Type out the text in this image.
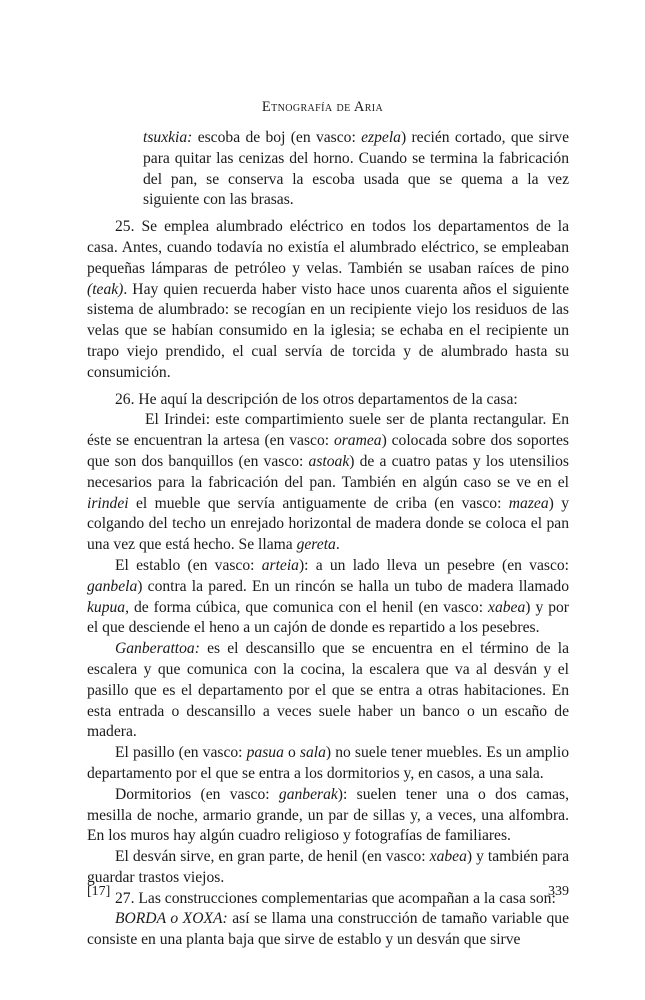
Etnografía de Aria

tsuxkia: escoba de boj (en vasco: ezpela) recién cortado, que sirve para quitar las cenizas del horno. Cuando se termina la fabricación del pan, se conserva la escoba usada que se quema a la vez siguiente con las brasas.

25. Se emplea alumbrado eléctrico en todos los departamentos de la casa. Antes, cuando todavía no existía el alumbrado eléctrico, se empleaban pequeñas lámparas de petróleo y velas. También se usaban raíces de pino (teak). Hay quien recuerda haber visto hace unos cuarenta años el siguiente sistema de alumbrado: se recogían en un recipiente viejo los residuos de las velas que se habían consumido en la iglesia; se echaba en el recipiente un trapo viejo prendido, el cual servía de torcida y de alumbrado hasta su consumición.

26. He aquí la descripción de los otros departamentos de la casa:

El Irindei: este compartimiento suele ser de planta rectangular. En éste se encuentran la artesa (en vasco: oramea) colocada sobre dos soportes que son dos banquillos (en vasco: astoak) de a cuatro patas y los utensilios necesarios para la fabricación del pan. También en algún caso se ve en el irindei el mueble que servía antiguamente de criba (en vasco: mazea) y colgando del techo un enrejado horizontal de madera donde se coloca el pan una vez que está hecho. Se llama gereta.

El establo (en vasco: arteia): a un lado lleva un pesebre (en vasco: ganbela) contra la pared. En un rincón se halla un tubo de madera llamado kupua, de forma cúbica, que comunica con el henil (en vasco: xabea) y por el que desciende el heno a un cajón de donde es repartido a los pesebres.

Ganberattoa: es el descansillo que se encuentra en el término de la escalera y que comunica con la cocina, la escalera que va al desván y el pasillo que es el departamento por el que se entra a otras habitaciones. En esta entrada o descansillo a veces suele haber un banco o un escaño de madera.

El pasillo (en vasco: pasua o sala) no suele tener muebles. Es un amplio departamento por el que se entra a los dormitorios y, en casos, a una sala.

Dormitorios (en vasco: ganberak): suelen tener una o dos camas, mesilla de noche, armario grande, un par de sillas y, a veces, una alfombra. En los muros hay algún cuadro religioso y fotografías de familiares.

El desván sirve, en gran parte, de henil (en vasco: xabea) y también para guardar trastos viejos.

27. Las construcciones complementarias que acompañan a la casa son:

BORDA o XOXA: así se llama una construcción de tamaño variable que consiste en una planta baja que sirve de establo y un desván que sirve

[17]	339
